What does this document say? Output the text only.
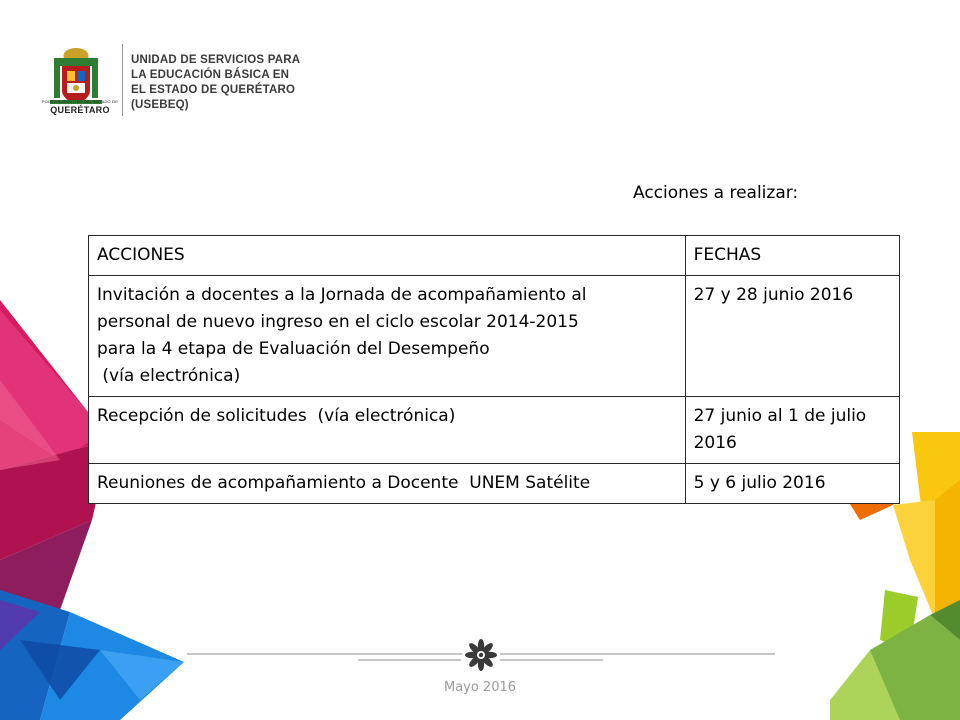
PODER EJECUTIVO DEL ESTADO DE
QUERÉTARO
UNIDAD DE SERVICIOS PARA
LA EDUCACIÓN BÁSICA EN
EL ESTADO DE QUERÉTARO
(USEBEQ)
Acciones a realizar:
ACCIONES	FECHAS

Invitación a docentes a la Jornada de acompañamiento al
personal de nuevo ingreso en el ciclo escolar 2014-2015
para la 4 etapa de Evaluación del Desempeño
(vía electrónica)	27 y 28 junio 2016

Recepción de solicitudes  (vía electrónica)	27 junio al 1 de julio 2016

Reuniones de acompañamiento a Docente  UNEM Satélite	5 y 6 julio 2016
Mayo 2016
